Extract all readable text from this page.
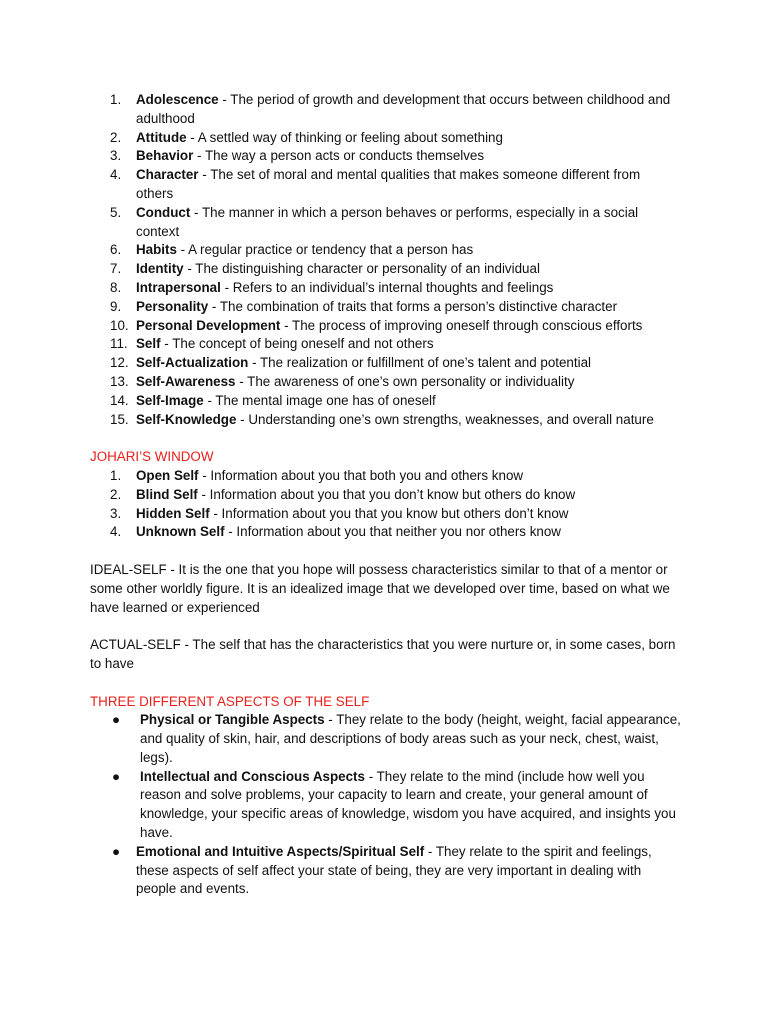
1.	Adolescence - The period of growth and development that occurs between childhood and adulthood
2.	Attitude - A settled way of thinking or feeling about something
3.	Behavior - The way a person acts or conducts themselves
4.	Character - The set of moral and mental qualities that makes someone different from others
5.	Conduct - The manner in which a person behaves or performs, especially in a social context
6.	Habits - A regular practice or tendency that a person has
7.	Identity - The distinguishing character or personality of an individual
8.	Intrapersonal - Refers to an individual’s internal thoughts and feelings
9.	Personality - The combination of traits that forms a person’s distinctive character
10. Personal Development - The process of improving oneself through conscious efforts
11. Self - The concept of being oneself and not others
12. Self-Actualization - The realization or fulfillment of one’s talent and potential
13. Self-Awareness - The awareness of one’s own personality or individuality
14. Self-Image - The mental image one has of oneself
15. Self-Knowledge - Understanding one’s own strengths, weaknesses, and overall nature
JOHARI’S WINDOW
1.	Open Self - Information about you that both you and others know
2.	Blind Self - Information about you that you don’t know but others do know
3.	Hidden Self - Information about you that you know but others don’t know
4.	Unknown Self - Information about you that neither you nor others know

IDEAL-SELF - It is the one that you hope will possess characteristics similar to that of a mentor or some other worldly figure. It is an idealized image that we developed over time, based on what we have learned or experienced

ACTUAL-SELF - The self that has the characteristics that you were nurture or, in some cases, born to have

THREE DIFFERENT ASPECTS OF THE SELF
● Physical or Tangible Aspects - They relate to the body (height, weight, facial appearance, and quality of skin, hair, and descriptions of body areas such as your neck, chest, waist, legs).
● Intellectual and Conscious Aspects - They relate to the mind (include how well you reason and solve problems, your capacity to learn and create, your general amount of knowledge, your specific areas of knowledge, wisdom you have acquired, and insights you have.
● Emotional and Intuitive Aspects/Spiritual Self - They relate to the spirit and feelings, these aspects of self affect your state of being, they are very important in dealing with people and events.
